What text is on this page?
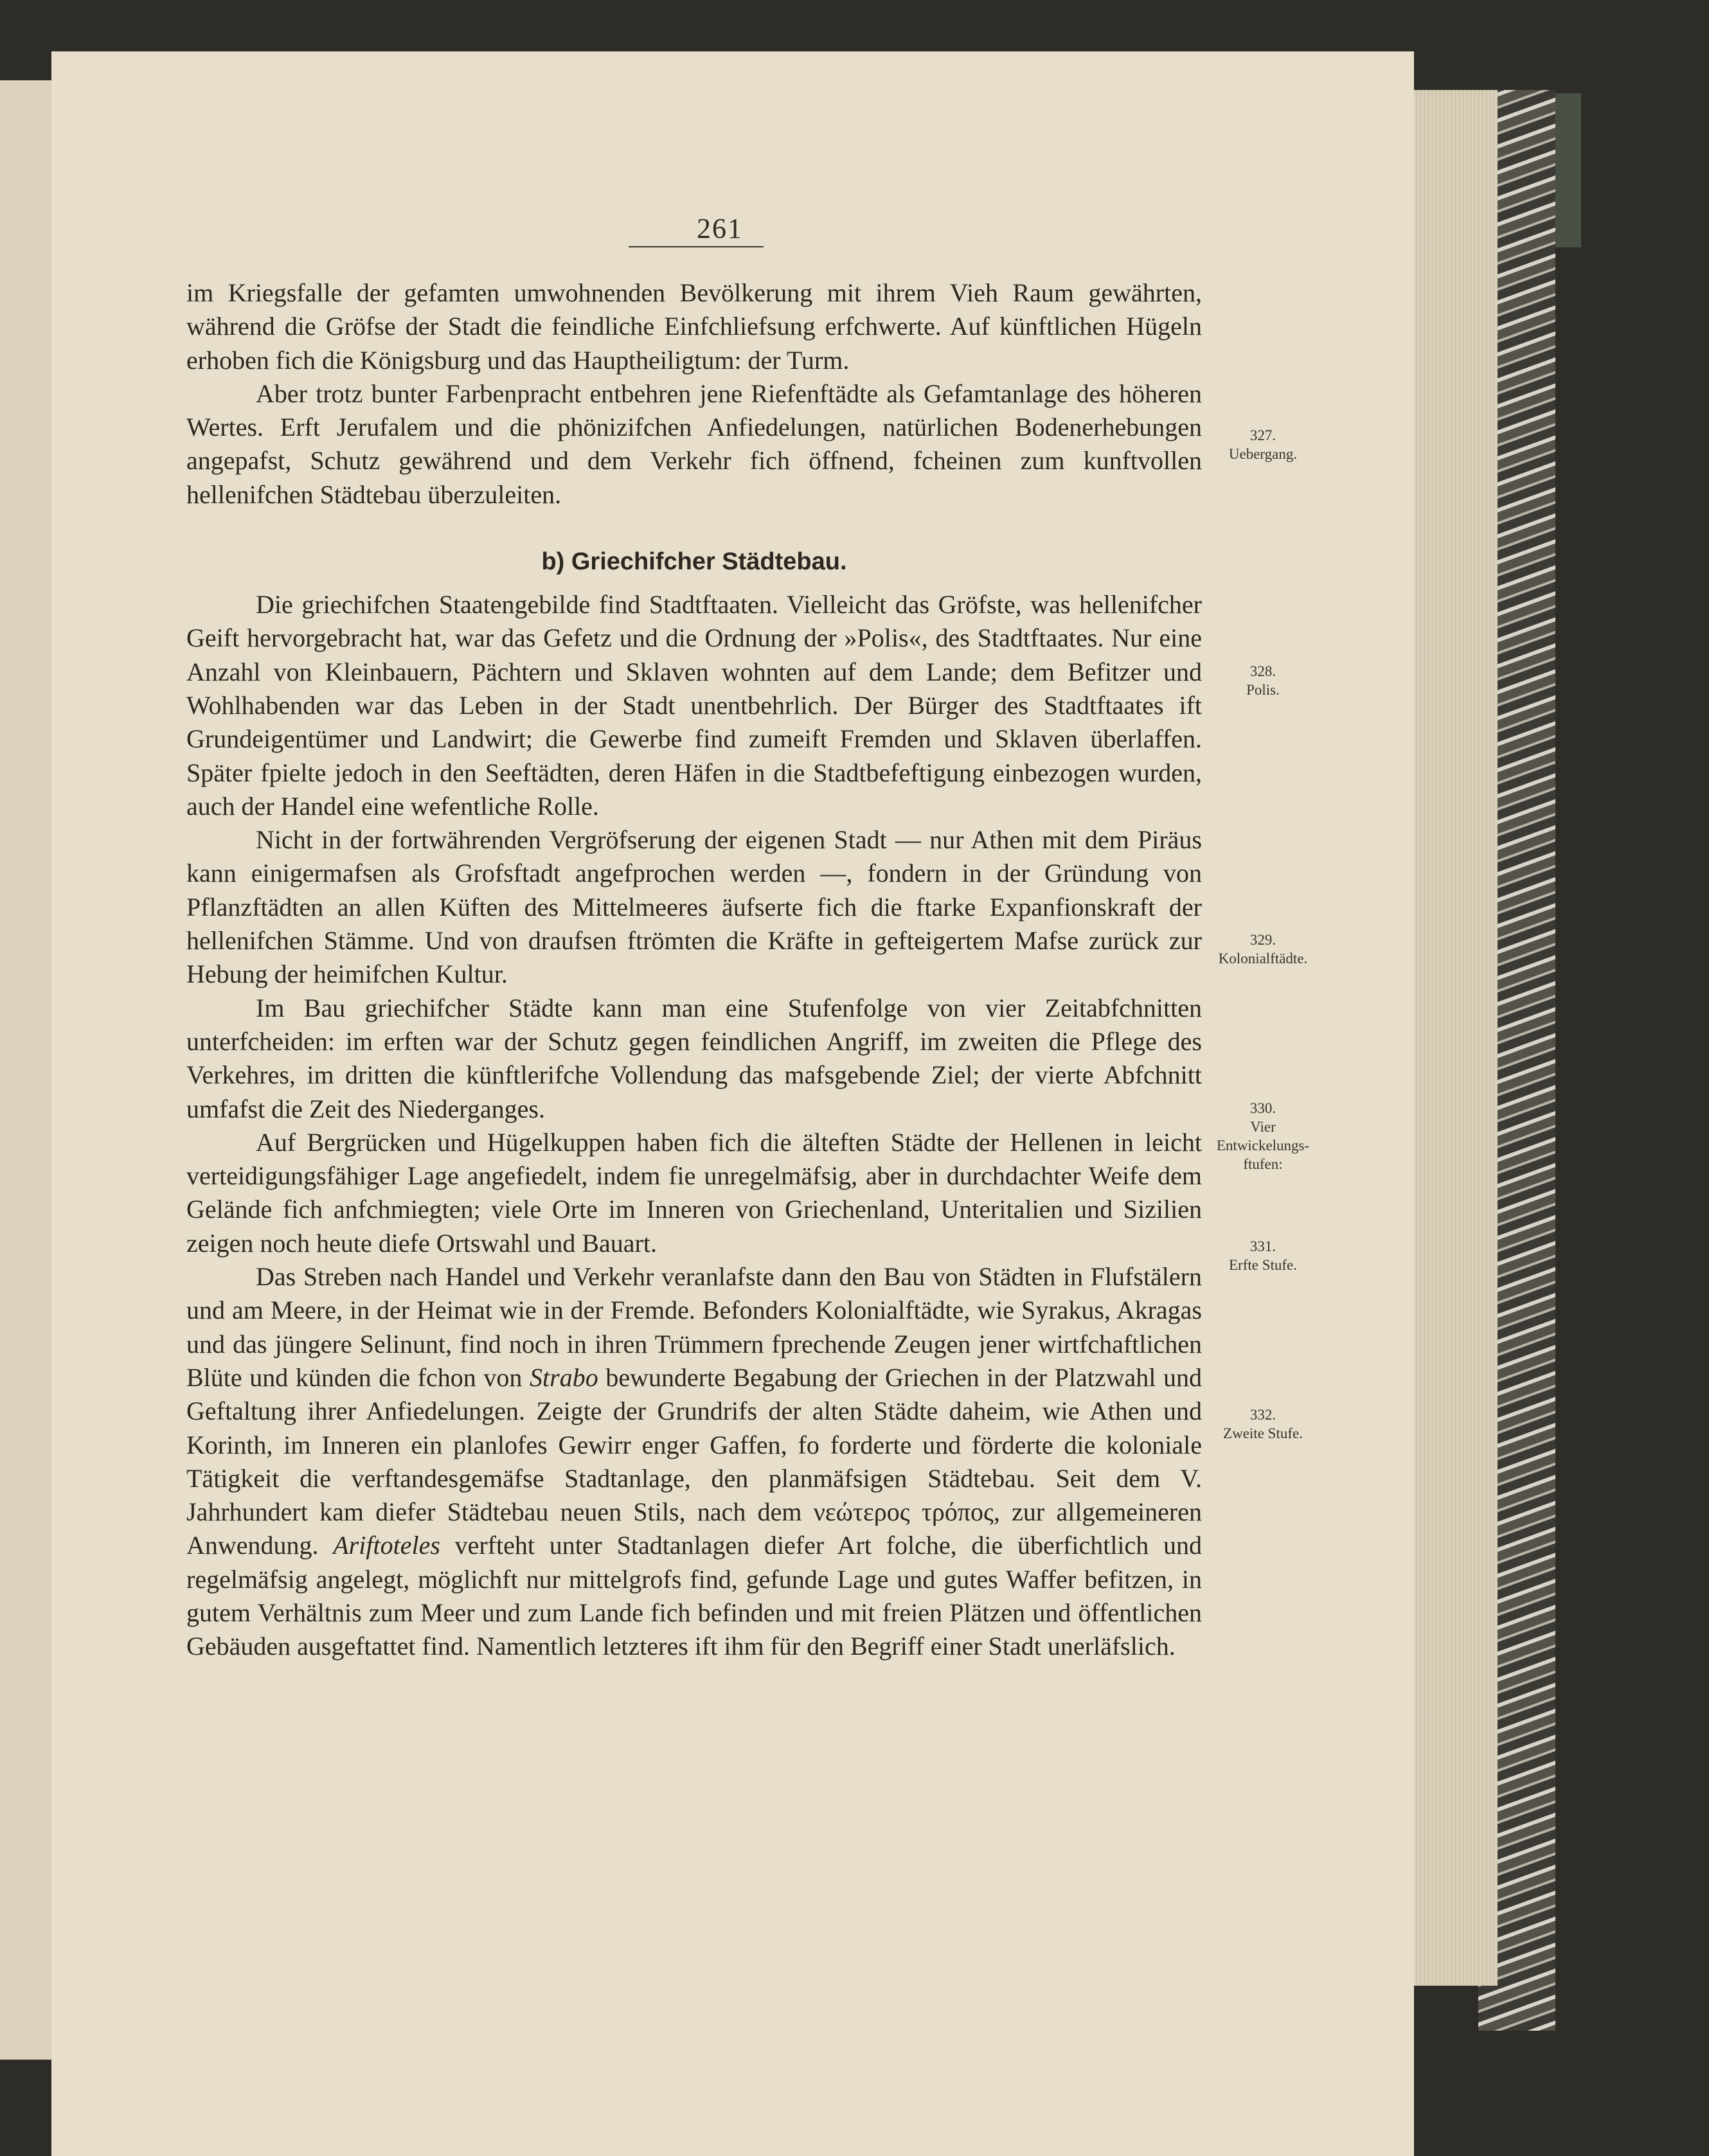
261

im Kriegsfalle der gefamten umwohnenden Bevölkerung mit ihrem Vieh Raum gewährten, während die Gröfse der Stadt die feindliche Einfchliefsung erfchwerte. Auf künftlichen Hügeln erhoben fich die Königsburg und das Hauptheiligtum: der Turm.

Aber trotz bunter Farbenpracht entbehren jene Riefenftädte als Gefamtanlage des höheren Wertes. Erft Jerufalem und die phönizifchen Anfiedelungen, natürlichen Bodenerhebungen angepafst, Schutz gewährend und dem Verkehr fich öffnend, fcheinen zum kunftvollen hellenifchen Städtebau überzuleiten.

b) Griechifcher Städtebau.

Die griechifchen Staatengebilde find Stadtftaaten. Vielleicht das Gröfste, was hellenifcher Geift hervorgebracht hat, war das Gefetz und die Ordnung der »Polis«, des Stadtftaates. Nur eine Anzahl von Kleinbauern, Pächtern und Sklaven wohnten auf dem Lande; dem Befitzer und Wohlhabenden war das Leben in der Stadt unentbehrlich. Der Bürger des Stadtftaates ift Grundeigentümer und Landwirt; die Gewerbe find zumeift Fremden und Sklaven überlaffen. Später fpielte jedoch in den Seeftädten, deren Häfen in die Stadtbefeftigung einbezogen wurden, auch der Handel eine wefentliche Rolle.

Nicht in der fortwährenden Vergröfserung der eigenen Stadt — nur Athen mit dem Piräus kann einigermafsen als Grofsftadt angefprochen werden —, fondern in der Gründung von Pflanzftädten an allen Küften des Mittelmeeres äufserte fich die ftarke Expanfionskraft der hellenifchen Stämme. Und von draufsen ftrömten die Kräfte in gefteigertem Mafse zurück zur Hebung der heimifchen Kultur.

Im Bau griechifcher Städte kann man eine Stufenfolge von vier Zeitabfchnitten unterfcheiden: im erften war der Schutz gegen feindlichen Angriff, im zweiten die Pflege des Verkehres, im dritten die künftlerifche Vollendung das mafsgebende Ziel; der vierte Abfchnitt umfafst die Zeit des Niederganges.

Auf Bergrücken und Hügelkuppen haben fich die älteften Städte der Hellenen in leicht verteidigungsfähiger Lage angefiedelt, indem fie unregelmäfsig, aber in durchdachter Weife dem Gelände fich anfchmiegten; viele Orte im Inneren von Griechenland, Unteritalien und Sizilien zeigen noch heute diefe Ortswahl und Bauart.

Das Streben nach Handel und Verkehr veranlafste dann den Bau von Städten in Flufstälern und am Meere, in der Heimat wie in der Fremde. Befonders Kolonialftädte, wie Syrakus, Akragas und das jüngere Selinunt, find noch in ihren Trümmern fprechende Zeugen jener wirtfchaftlichen Blüte und künden die fchon von Strabo bewunderte Begabung der Griechen in der Platzwahl und Geftaltung ihrer Anfiedelungen. Zeigte der Grundrifs der alten Städte daheim, wie Athen und Korinth, im Inneren ein planlofes Gewirr enger Gaffen, fo forderte und förderte die koloniale Tätigkeit die verftandesgemäfse Stadtanlage, den planmäfsigen Städtebau. Seit dem V. Jahrhundert kam diefer Städtebau neuen Stils, nach dem νεώτερος τρόπος, zur allgemeineren Anwendung. Ariftoteles verfteht unter Stadtanlagen diefer Art folche, die überfichtlich und regelmäfsig angelegt, möglichft nur mittelgrofs find, gefunde Lage und gutes Waffer befitzen, in gutem Verhältnis zum Meer und zum Lande fich befinden und mit freien Plätzen und öffentlichen Gebäuden ausgeftattet find. Namentlich letzteres ift ihm für den Begriff einer Stadt unerläfslich.

327.
Uebergang.
328.
Polis.
329.
Kolonialftädte.
330.
Vier
Entwickelungs-
ftufen:
331.
Erfte Stufe.
332.
Zweite Stufe.
